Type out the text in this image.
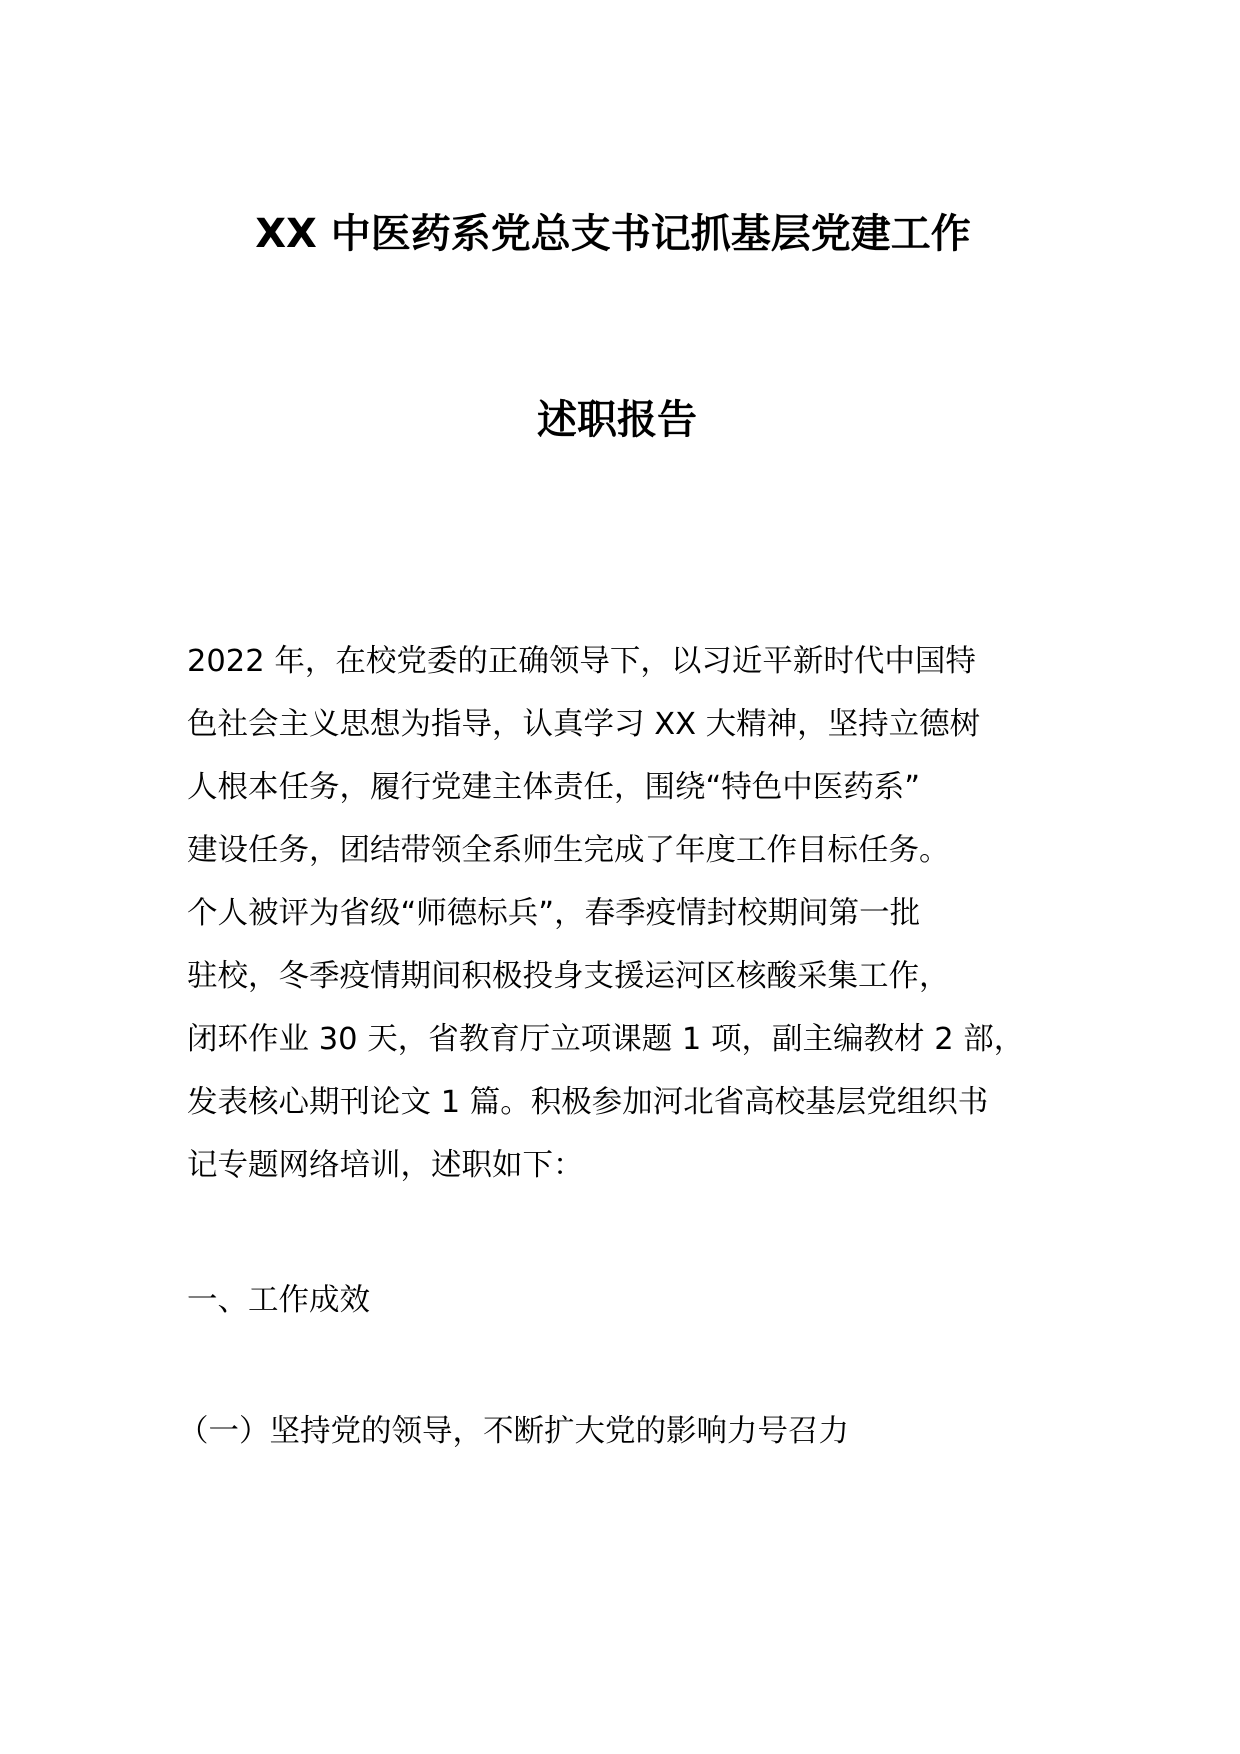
XX 中医药系党总支书记抓基层党建工作
述职报告
2022 年，在校党委的正确领导下，以习近平新时代中国特
色社会主义思想为指导，认真学习 XX 大精神，坚持立德树
人根本任务，履行党建主体责任，围绕“特色中医药系”
建设任务，团结带领全系师生完成了年度工作目标任务。
个人被评为省级“师德标兵”，春季疫情封校期间第一批
驻校，冬季疫情期间积极投身支援运河区核酸采集工作，
闭环作业 30 天，省教育厅立项课题 1 项，副主编教材 2 部，
发表核心期刊论文 1 篇。积极参加河北省高校基层党组织书
记专题网络培训，述职如下：
一、工作成效
（一）坚持党的领导，不断扩大党的影响力号召力
